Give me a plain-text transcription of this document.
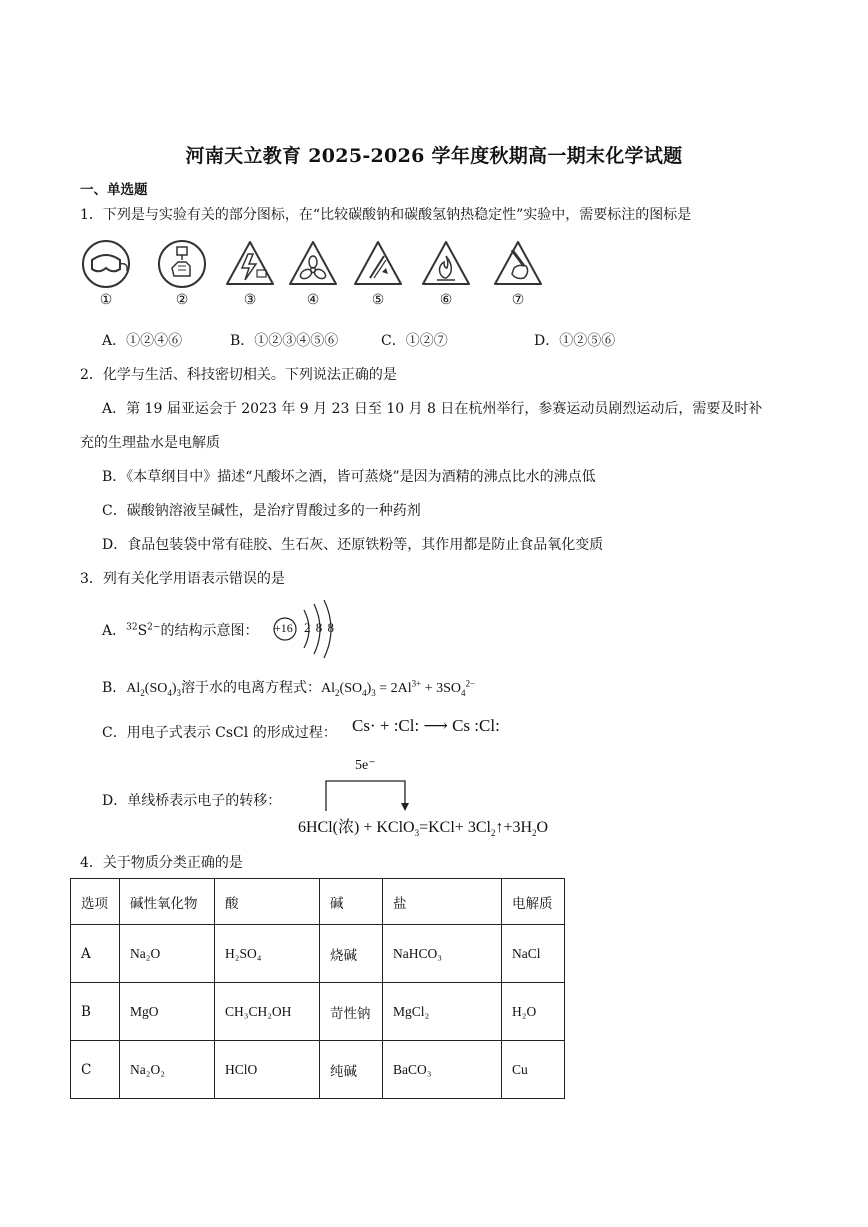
河南天立教育 2025-2026 学年度秋期高一期末化学试题
一、单选题
1．下列是与实验有关的部分图标，在“比较碳酸钠和碳酸氢钠热稳定性”实验中，需要标注的图标是
①	②	③	④	⑤	⑥	⑦
A．①②④⑥	B．①②③④⑤⑥	C．①②⑦	D．①②⑤⑥
2．化学与生活、科技密切相关。下列说法正确的是
A．第 19 届亚运会于 2023 年 9 月 23 日至 10 月 8 日在杭州举行，参赛运动员剧烈运动后，需要及时补
充的生理盐水是电解质
B．《本草纲目中》描述“凡酸坏之酒，皆可蒸烧”是因为酒精的沸点比水的沸点低
C．碳酸钠溶液呈碱性，是治疗胃酸过多的一种药剂
D．食品包装袋中常有硅胶、生石灰、还原铁粉等，其作用都是防止食品氧化变质
3．列有关化学用语表示错误的是
A．$^{32}S^{2-}$的结构示意图： +16 2 8 8
B．$Al_2(SO_4)_3$溶于水的电离方程式：$Al_2(SO_4)_3 = 2Al^{3+} + 3SO_4^{2-}$
C．用电子式表示 CsCl 的形成过程： Cs· + :Cl: ⟶ Cs :Cl:
D．单线桥表示电子的转移：
5e⁻
6HCl(浓) + KClO$_3$=KCl+ $3Cl_2↑+3H_2O$
4．关于物质分类正确的是
选项	碱性氧化物	酸	碱	盐	电解质
A	Na₂O	H₂SO₄	烧碱	NaHCO₃	NaCl
B	MgO	CH₃CH₂OH	苛性钠	MgCl₂	H₂O
C	Na₂O₂	HClO	纯碱	BaCO₃	Cu
